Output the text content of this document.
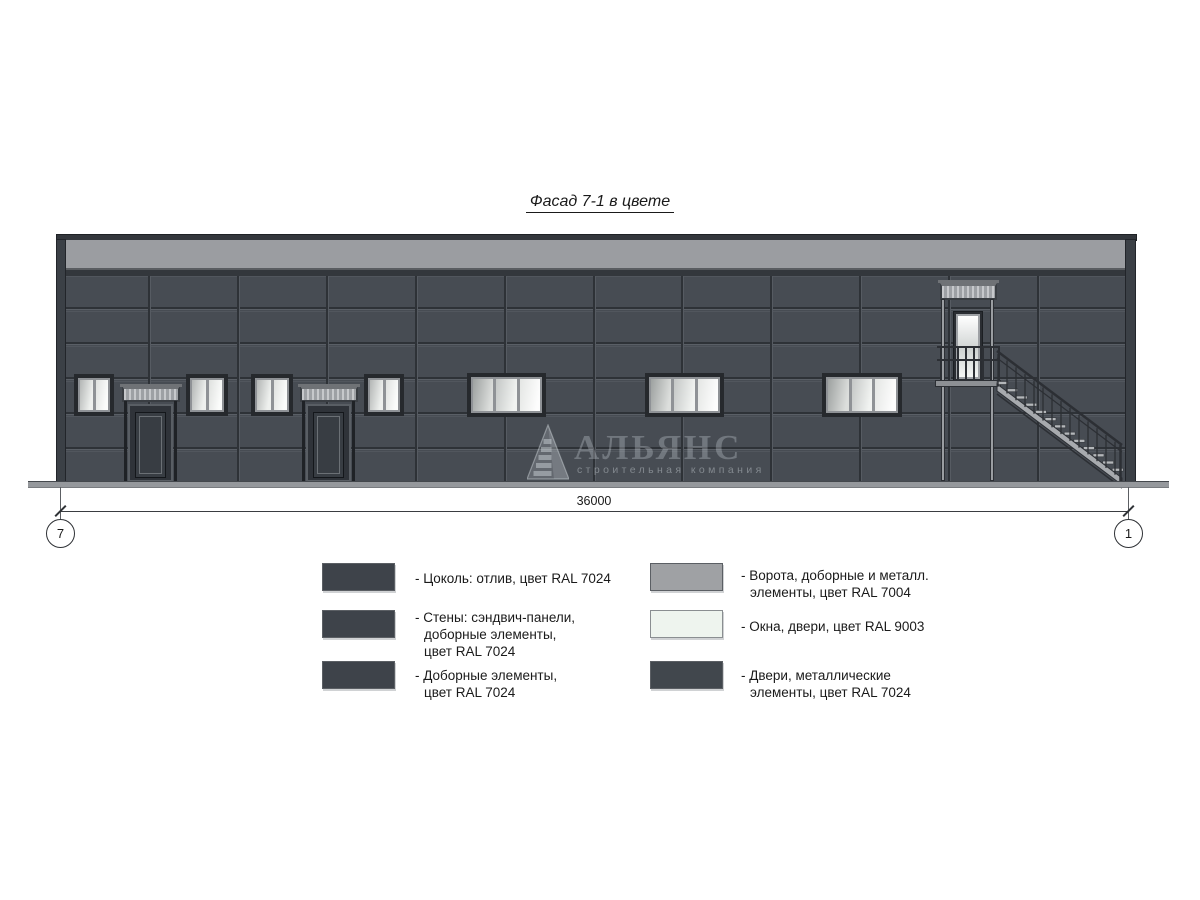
Фасад 7-1 в цвете
АЛЬЯНС
строительная компания
36000
7	1
- Цоколь: отлив, цвет RAL 7024
- Стены: сэндвич-панели,
доборные элементы,
цвет RAL 7024
- Доборные элементы,
цвет RAL 7024
- Ворота, доборные и металл.
элементы, цвет RAL 7004
- Окна, двери, цвет RAL 9003
- Двери, металлические
элементы, цвет RAL 7024
